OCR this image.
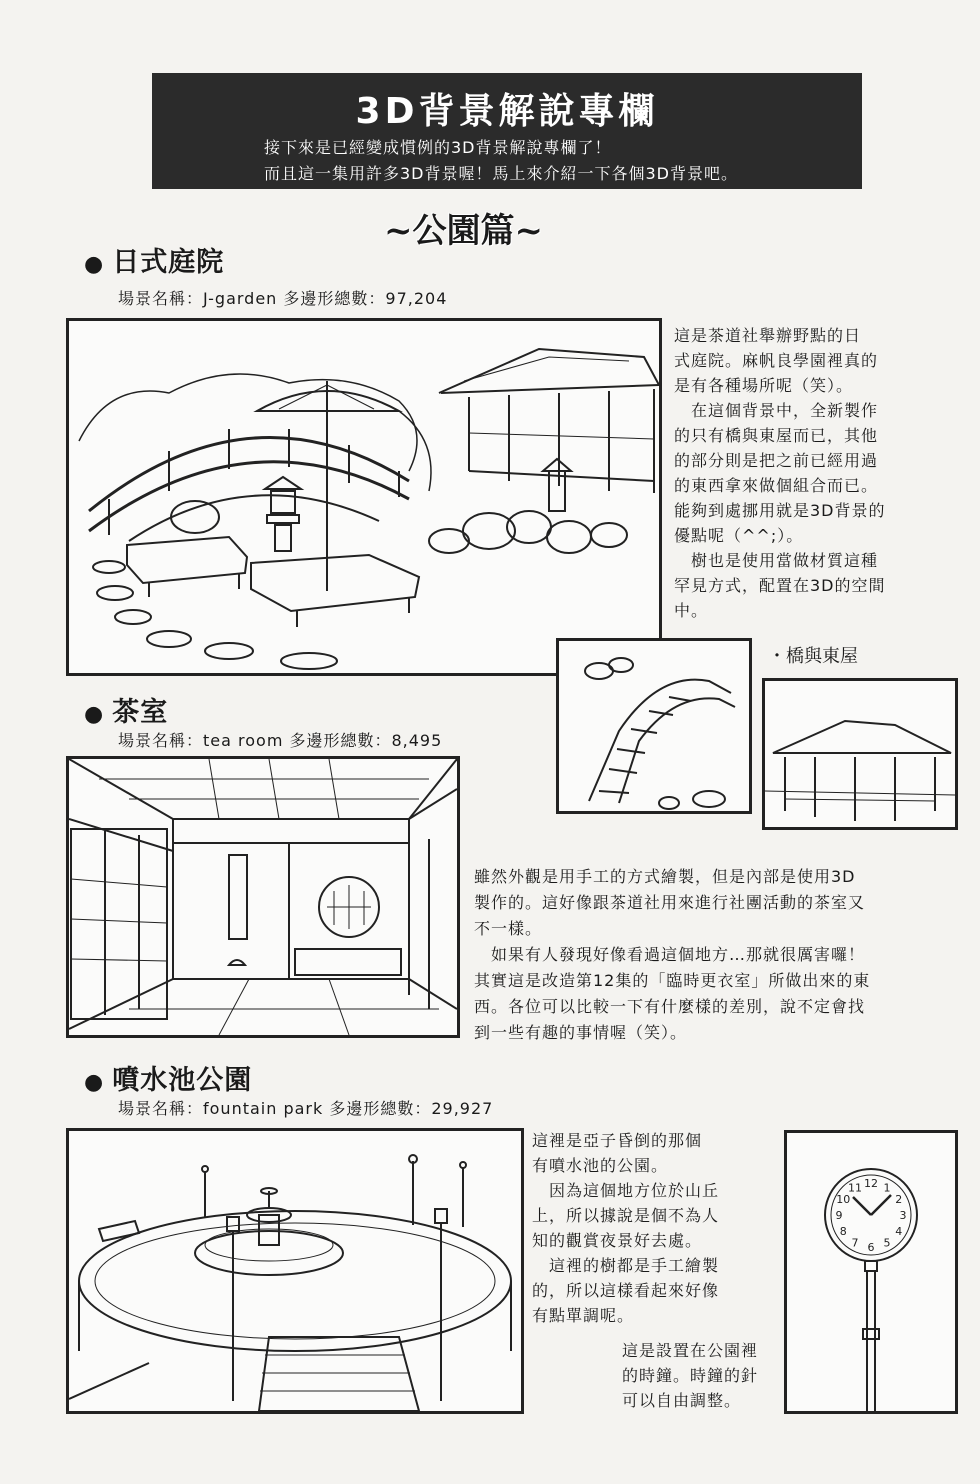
3D背景解說專欄
接下來是已經變成慣例的3D背景解說專欄了！
而且這一集用許多3D背景喔！馬上來介紹一下各個3D背景吧。
~公園篇~
● 日式庭院
場景名稱：J-garden 多邊形總數：97,204

這是茶道社舉辦野點的日

式庭院。麻帆良學園裡真的

是有各種場所呢（笑）。

　在這個背景中，全新製作

的只有橋與東屋而已，其他

的部分則是把之前已經用過

的東西拿來做個組合而已。

能夠到處挪用就是3D背景的

優點呢（^^;）。

　樹也是使用當做材質這種

罕見方式，配置在3D的空間

中。

・橋與東屋
● 茶室
場景名稱：tea room 多邊形總數：8,495

雖然外觀是用手工的方式繪製，但是內部是使用3D

製作的。這好像跟茶道社用來進行社團活動的茶室又

不一樣。

　如果有人發現好像看過這個地方…那就很厲害囉！

其實這是改造第12集的「臨時更衣室」所做出來的東

西。各位可以比較一下有什麼樣的差別，說不定會找

到一些有趣的事情喔（笑）。

● 噴水池公園
場景名稱：fountain park 多邊形總數：29,927

這裡是亞子昏倒的那個

有噴水池的公園。

　因為這個地方位於山丘

上，所以據說是個不為人

知的觀賞夜景好去處。

　這裡的樹都是手工繪製

的，所以這樣看起來好像

有點單調呢。

12 1
2
3
4
5
6
7
8
9
10
11

這是設置在公園裡

的時鐘。時鐘的針

可以自由調整。
